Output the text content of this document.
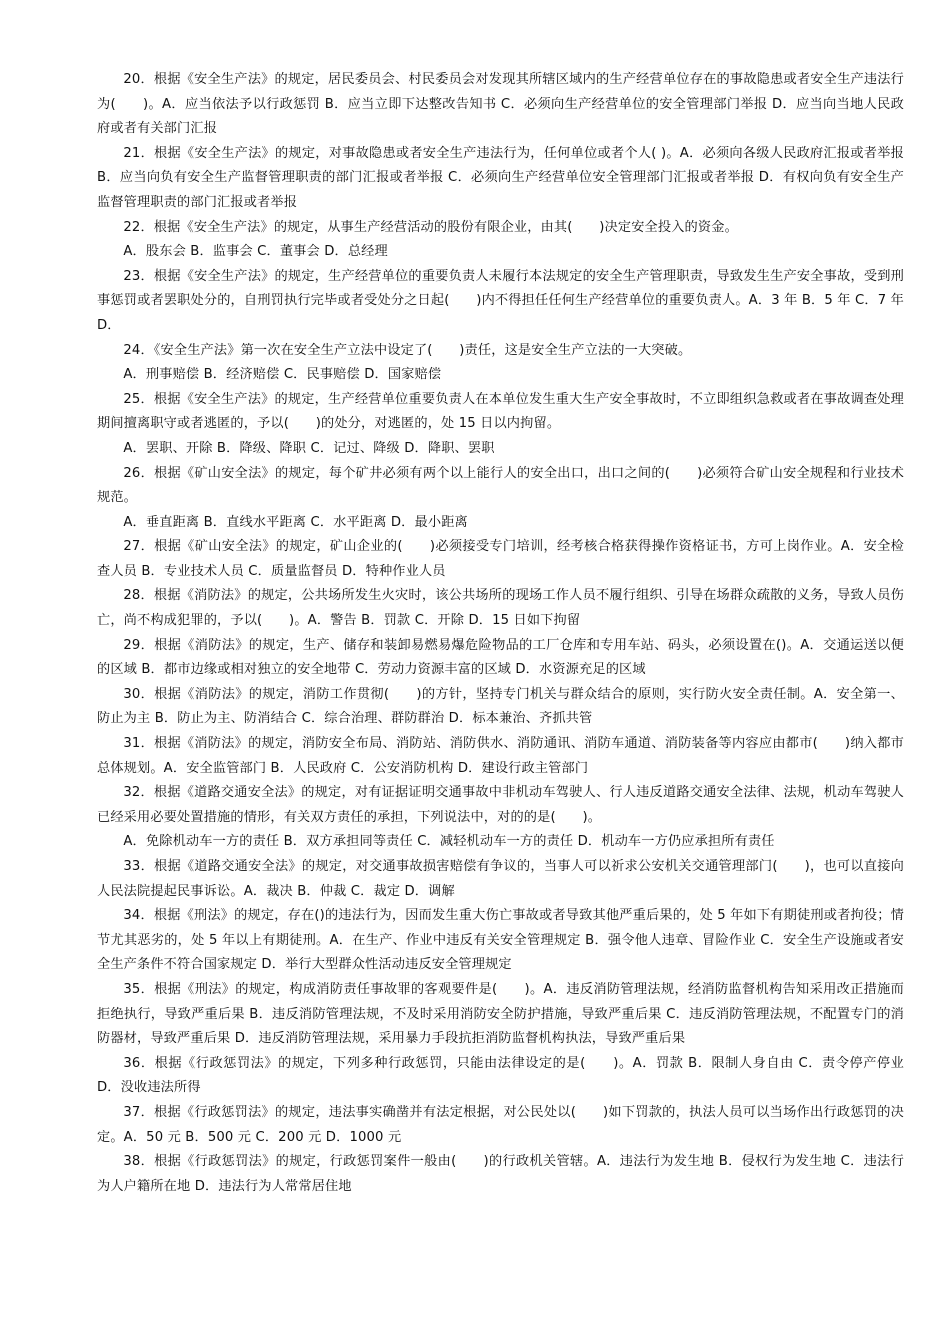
20．根据《安全生产法》的规定，居民委员会、村民委员会对发现其所辖区域内的生产经营单位存在的事故隐患或者安全生产违法行为(　　)。A．应当依法予以行政惩罚 B．应当立即下达整改告知书 C．必须向生产经营单位的安全管理部门举报 D．应当向当地人民政府或者有关部门汇报

21．根据《安全生产法》的规定，对事故隐患或者安全生产违法行为，任何单位或者个人( )。A．必须向各级人民政府汇报或者举报 B．应当向负有安全生产监督管理职责的部门汇报或者举报 C．必须向生产经营单位安全管理部门汇报或者举报 D．有权向负有安全生产监督管理职责的部门汇报或者举报

22．根据《安全生产法》的规定，从事生产经营活动的股份有限企业，由其(　　)决定安全投入的资金。

A．股东会 B．监事会 C．董事会 D．总经理

23．根据《安全生产法》的规定，生产经营单位的重要负责人未履行本法规定的安全生产管理职责，导致发生生产安全事故，受到刑事惩罚或者罢职处分的，自刑罚执行完毕或者受处分之日起(　　)内不得担任任何生产经营单位的重要负责人。A．3 年 B．5 年 C．7 年 D．

24．《安全生产法》第一次在安全生产立法中设定了(　　)责任，这是安全生产立法的一大突破。

A．刑事赔偿 B．经济赔偿 C．民事赔偿 D．国家赔偿

25．根据《安全生产法》的规定，生产经营单位重要负责人在本单位发生重大生产安全事故时，不立即组织急救或者在事故调查处理期间擅离职守或者逃匿的，予以(　　)的处分，对逃匿的，处 15 日以内拘留。

A．罢职、开除 B．降级、降职 C．记过、降级 D．降职、罢职

26．根据《矿山安全法》的规定，每个矿井必须有两个以上能行人的安全出口，出口之间的(　　)必须符合矿山安全规程和行业技术规范。

A．垂直距离 B．直线水平距离 C．水平距离 D．最小距离

27．根据《矿山安全法》的规定，矿山企业的(　　)必须接受专门培训，经考核合格获得操作资格证书，方可上岗作业。A．安全检查人员 B．专业技术人员 C．质量监督员 D．特种作业人员

28．根据《消防法》的规定，公共场所发生火灾时，该公共场所的现场工作人员不履行组织、引导在场群众疏散的义务，导致人员伤亡，尚不构成犯罪的，予以(　　)。A．警告 B．罚款 C．开除 D．15 日如下拘留

29．根据《消防法》的规定，生产、储存和装卸易燃易爆危险物品的工厂仓库和专用车站、码头，必须设置在()。A．交通运送以便的区域 B．都市边缘或相对独立的安全地带 C．劳动力资源丰富的区域 D．水资源充足的区域

30．根据《消防法》的规定，消防工作贯彻(　　)的方针，坚持专门机关与群众结合的原则，实行防火安全责任制。A．安全第一、防止为主 B．防止为主、防消结合 C．综合治理、群防群治 D．标本兼治、齐抓共管

31．根据《消防法》的规定，消防安全布局、消防站、消防供水、消防通讯、消防车通道、消防装备等内容应由都市(　　)纳入都市总体规划。A．安全监管部门 B．人民政府 C．公安消防机构 D．建设行政主管部门

32．根据《道路交通安全法》的规定，对有证据证明交通事故中非机动车驾驶人、行人违反道路交通安全法律、法规，机动车驾驶人已经采用必要处置措施的情形，有关双方责任的承担，下列说法中，对的的是(　　)。

A．免除机动车一方的责任 B．双方承担同等责任 C．减轻机动车一方的责任 D．机动车一方仍应承担所有责任

33．根据《道路交通安全法》的规定，对交通事故损害赔偿有争议的，当事人可以祈求公安机关交通管理部门(　　)，也可以直接向人民法院提起民事诉讼。A．裁决 B．仲裁 C．裁定 D．调解

34．根据《刑法》的规定，存在()的违法行为，因而发生重大伤亡事故或者导致其他严重后果的，处 5 年如下有期徒刑或者拘役；情节尤其恶劣的，处 5 年以上有期徒刑。A．在生产、作业中违反有关安全管理规定 B．强令他人违章、冒险作业 C．安全生产设施或者安全生产条件不符合国家规定 D．举行大型群众性活动违反安全管理规定

35．根据《刑法》的规定，构成消防责任事故罪的客观要件是(　　)。A．违反消防管理法规，经消防监督机构告知采用改正措施而拒绝执行，导致严重后果 B．违反消防管理法规，不及时采用消防安全防护措施，导致严重后果 C．违反消防管理法规，不配置专门的消防器材，导致严重后果 D．违反消防管理法规，采用暴力手段抗拒消防监督机构执法，导致严重后果

36．根据《行政惩罚法》的规定，下列多种行政惩罚，只能由法律设定的是(　　)。A．罚款 B．限制人身自由 C．责令停产停业 D．没收违法所得

37．根据《行政惩罚法》的规定，违法事实确凿并有法定根据，对公民处以(　　)如下罚款的，执法人员可以当场作出行政惩罚的决定。A．50 元 B．500 元 C．200 元 D．1000 元

38．根据《行政惩罚法》的规定，行政惩罚案件一般由(　　)的行政机关管辖。A．违法行为发生地 B．侵权行为发生地 C．违法行为人户籍所在地 D．违法行为人常常居住地
